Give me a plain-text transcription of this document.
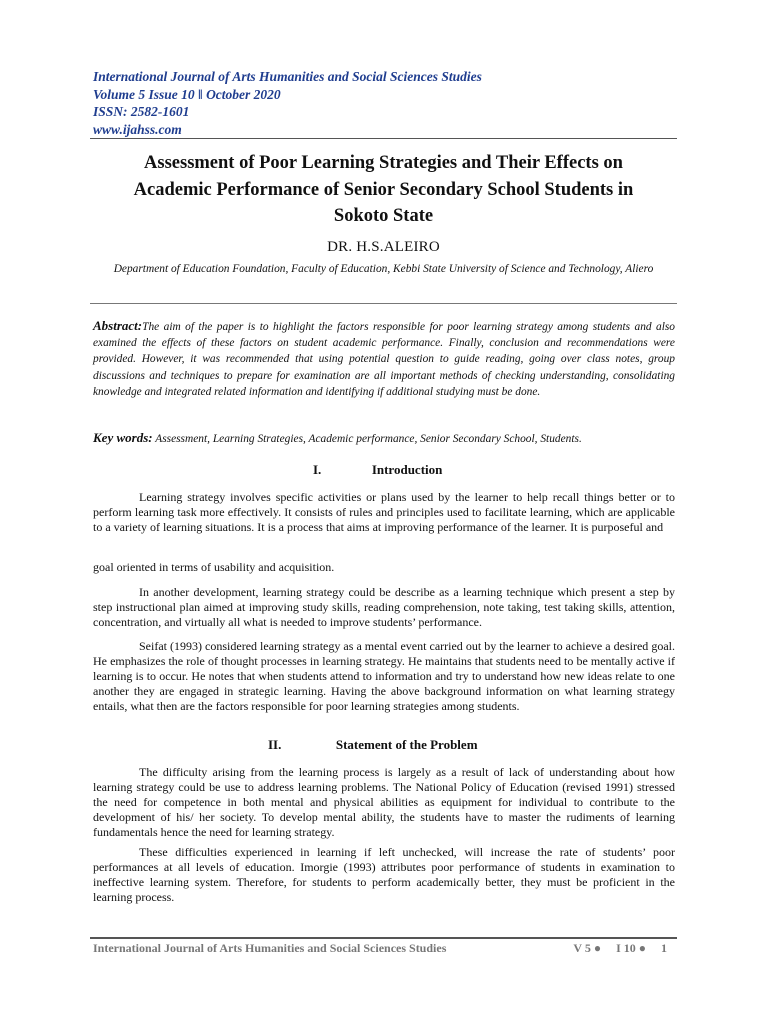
International Journal of Arts Humanities and Social Sciences Studies
Volume 5 Issue 10 ǁ October 2020
ISSN: 2582-1601
www.ijahss.com
Assessment of Poor Learning Strategies and Their Effects on
Academic Performance of Senior Secondary School Students in
Sokoto State
DR. H.S.ALEIRO
Department of Education Foundation, Faculty of Education, Kebbi State University of Science and Technology, Aliero
Abstract:The aim of the paper is to highlight the factors responsible for poor learning strategy among students and also examined the effects of these factors on student academic performance. Finally, conclusion and recommendations were provided. However, it was recommended that using potential question to guide reading, going over class notes, group discussions and techniques to prepare for examination are all important methods of checking understanding, consolidating knowledge and integrated related information and identifying if additional studying must be done.
Key words: Assessment, Learning Strategies, Academic performance, Senior Secondary School, Students.
I.	Introduction
Learning strategy involves specific activities or plans used by the learner to help recall things better or to perform learning task more effectively. It consists of rules and principles used to facilitate learning, which are applicable to a variety of learning situations. It is a process that aims at improving performance of the learner. It is purposeful and
goal oriented in terms of usability and acquisition.
In another development, learning strategy could be describe as a learning technique which present a step by step instructional plan aimed at improving study skills, reading comprehension, note taking, test taking skills, attention, concentration, and virtually all what is needed to improve students’ performance.
Seifat (1993) considered learning strategy as a mental event carried out by the learner to achieve a desired goal. He emphasizes the role of thought processes in learning strategy. He maintains that students need to be mentally active if learning is to occur. He notes that when students attend to information and try to understand how new ideas relate to one another they are engaged in strategic learning. Having the above background information on what learning strategy entails, what then are the factors responsible for poor learning strategies among students.
II.	Statement of the Problem
The difficulty arising from the learning process is largely as a result of lack of understanding about how learning strategy could be use to address learning problems. The National Policy of Education (revised 1991) stressed the need for competence in both mental and physical abilities as equipment for individual to contribute to the development of his/ her society. To develop mental ability, the students have to master the rudiments of learning fundamentals hence the need for learning strategy.
These difficulties experienced in learning if left unchecked, will increase the rate of students’ poor performances at all levels of education. Imorgie (1993) attributes poor performance of students in examination to ineffective learning system. Therefore, for students to perform academically better, they must be proficient in the learning process.
International Journal of Arts Humanities and Social Sciences Studies	V 5 ●     I 10 ●     1
